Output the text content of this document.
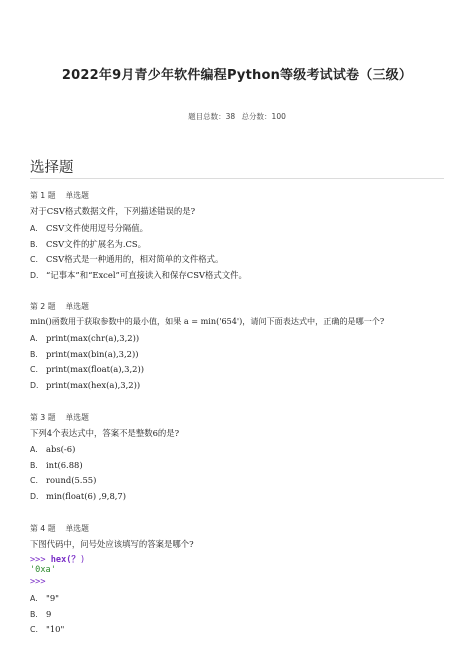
2022年9月青少年软件编程Python等级考试试卷（三级）
题目总数：38 总分数：100
选择题
第 1 题 单选题
对于CSV格式数据文件，下列描述错误的是?
A. CSV文件使用逗号分隔值。
B. CSV文件的扩展名为.CS。
C. CSV格式是一种通用的，相对简单的文件格式。
D. “记事本”和“Excel”可直接读入和保存CSV格式文件。
第 2 题 单选题
min()函数用于获取参数中的最小值，如果 a = min('654')，请问下面表达式中，正确的是哪一个?
A. print(max(chr(a),3,2))
B. print(max(bin(a),3,2))
C. print(max(float(a),3,2))
D. print(max(hex(a),3,2))
第 3 题 单选题
下列4个表达式中，答案不是整数6的是?
A. abs(-6)
B. int(6.88)
C. round(5.55)
D. min(float(6) ,9,8,7)
第 4 题 单选题
下图代码中，问号处应该填写的答案是哪个?
>>> hex(？)
'0xa'
>>>
A. "9"
B. 9
C. "10"
